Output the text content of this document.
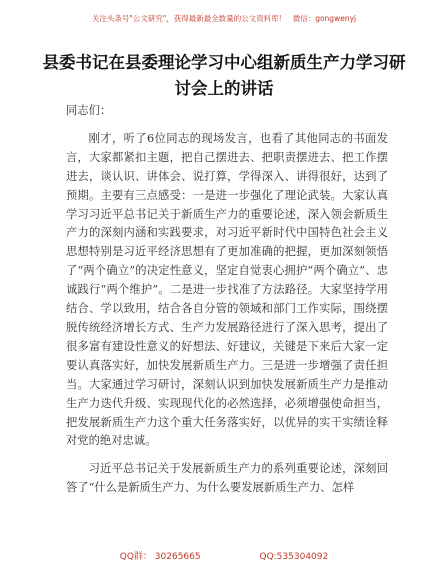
关注头条号"公文研究"，获得最新最全数量的公文资料库！ 微信：gongwenyj
县委书记在县委理论学习中心组新质生产力学习研讨会上的讲话

同志们：

刚才，听了6位同志的现场发言，也看了其他同志的书面发言，大家都紧扣主题，把自己摆进去、把职责摆进去、把工作摆进去，谈认识、讲体会、说打算，学得深入、讲得很好，达到了预期。主要有三点感受：一是进一步强化了理论武装。大家认真学习习近平总书记关于新质生产力的重要论述，深入领会新质生产力的深刻内涵和实践要求，对习近平新时代中国特色社会主义思想特别是习近平经济思想有了更加准确的把握，更加深刻领悟了“两个确立”的决定性意义，坚定自觉衷心拥护“两个确立”、忠诚践行“两个维护”。二是进一步找准了方法路径。大家坚持学用结合、学以致用，结合各自分管的领域和部门工作实际，围绕摆脱传统经济增长方式、生产力发展路径进行了深入思考，提出了很多富有建设性意义的好想法、好建议，关键是下来后大家一定要认真落实好，加快发展新质生产力。三是进一步增强了责任担当。大家通过学习研讨，深刻认识到加快发展新质生产力是推动生产力迭代升级、实现现代化的必然选择，必须增强使命担当，把发展新质生产力这个重大任务落实好，以优异的实干实绩诠释对党的绝对忠诚。

习近平总书记关于发展新质生产力的系列重要论述，深刻回答了“什么是新质生产力、为什么要发展新质生产力、怎样

QQ群： 30265665	QQ:535304092
